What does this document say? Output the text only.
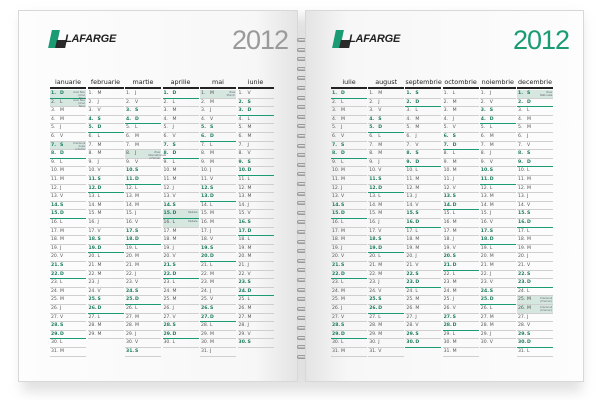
LAFARGE	2012
ianuarie
1. D	Anul Nou (Anul
2. L	Anul Nou (Anul Nou)
3. M
4. M
5. J
6. V
7. S	Craciunul dupa ortodox
8. D
9. L
10. M
11. M
12. J
13. V
14.S
15.D
16. L
17. M
18. M
19. J
20. V
21.S
22.D
23. L
24. M
25. M
26. J
27. V
28.S
29.D
30. L
31. M
februarie
1. M
2. J
3. V
4. S
5. D
6. L
7. M
8. M
9. J
10. V
11.S
12.D
13. L
14. M
15. M
16. J
17. V
18.S
19.D
20. L
21. M
22. M
23. J
24. V
25.S
26.D
27. L
28. M
29. M
martie
1. J
2. V
3. S
4. D
5. L
6. M
7. M
8. J	Ziua Internationala a Femeii
9. V
10.S
11.D
12. L
13. M
14. M
15. J
16. V
17.S
18.D
19. L
20. M
21. M
22. J
23. V
24.S
25.D
26. L
27. M
28. M
29. J
30. V
31.S
aprilie
1. D
2. L
3. M
4. M
5. J
6. V
7. S
8. D
9. L
10. M
11. M
12. J
13. V
14.S
15.D	Pastele
16. L	Pastele
17. M
18. M
19. J
20. V
21.S
22.D
23. L
24. M
25. M
26. J
27. V
28.S
29.D
30. L
mai
1. M	Ziua Muncii
2. M
3. J
4. V
5. S
6. D
7. L
8. M
9. M
10. J
11. V
12.S
13.D
14. L
15. M
16. M
17. J
18. V
19.S
20.D
21. L
22. M
23. M
24. J
25. V
26.S
27.D
28. L
29. M
30. M
31. J
iunie
1. V
2. S
3. D
4. L
5. M
6. M
7. J
8. V
9. S
10.D
11. L
12. M
13. M
14. J
15. V
16.S
17.D
18. L
19. M
20. M
21. J
22. V
23.S
24.D
25. L
26. M
27. M
28. J
29. V
30.S
LAFARGE	2012
iulie
1. D
2. L
3. M
4. M
5. J
6. V
7. S
8. D
9. L
10. M
11. M
12. J
13. V
14.S
15.D
16. L
17. M
18. M
19. J
20. V
21.S
22.D
23. L
24. M
25. M
26. J
27. V
28.S
29.D
30. L
31. M
august
1. M
2. J
3. V
4. S
5. D
6. L
7. M
8. M
9. J
10. V
11.S
12.D
13. L
14. M
15. M
16. J
17. V
18.S
19.D
20. L
21. M
22. M
23. J
24. V
25.S
26.D
27. L
28. M
29. M
30. J
31. V
septembrie
1. S
2. D
3. L
4. M
5. M
6. J
7. V
8. S
9. D
10. L
11. M
12. M
13. J
14. V
15.S
16.D
17. L
18. M
19. M
20. J
21. V
22.S
23.D
24. L
25. M
26. M
27. J
28. V
29.S
30.D
octombrie
1. L
2. M
3. M
4. J
5. V
6. S
7. D
8. L
9. M
10. M
11. J
12. V
13.S
14.D
15. L
16. M
17. M
18. J
19. V
20.S
21.D
22. L
23. M
24. M
25. J
26. V
27.S
28.D
29. L
30. M
31. M
noiembrie
1. J
2. V
3. S
4. D
5. L
6. M
7. M
8. J
9. V
10.S
11.D
12. L
13. M
14. M
15. J
16. V
17.S
18.D
19. L
20. M
21. M
22. J
23. V
24.S
25.D
26. L
27. M
28. M
29. J
30. V
decembrie
1. S	Ziua Nationala
2. D
3. L
4. M
5. M
6. J
7. V
8. S
9. D
10. L
11. M
12. M
13. J
14. V
15.S
16.D
17. L
18. M
19. M
20. J
21. V
22.S
23.D
24. L
25. M	Craciunul (Craciun)
26. M	Craciunul (Craciun)
27. J
28. V
29.S
30.D
31. L
